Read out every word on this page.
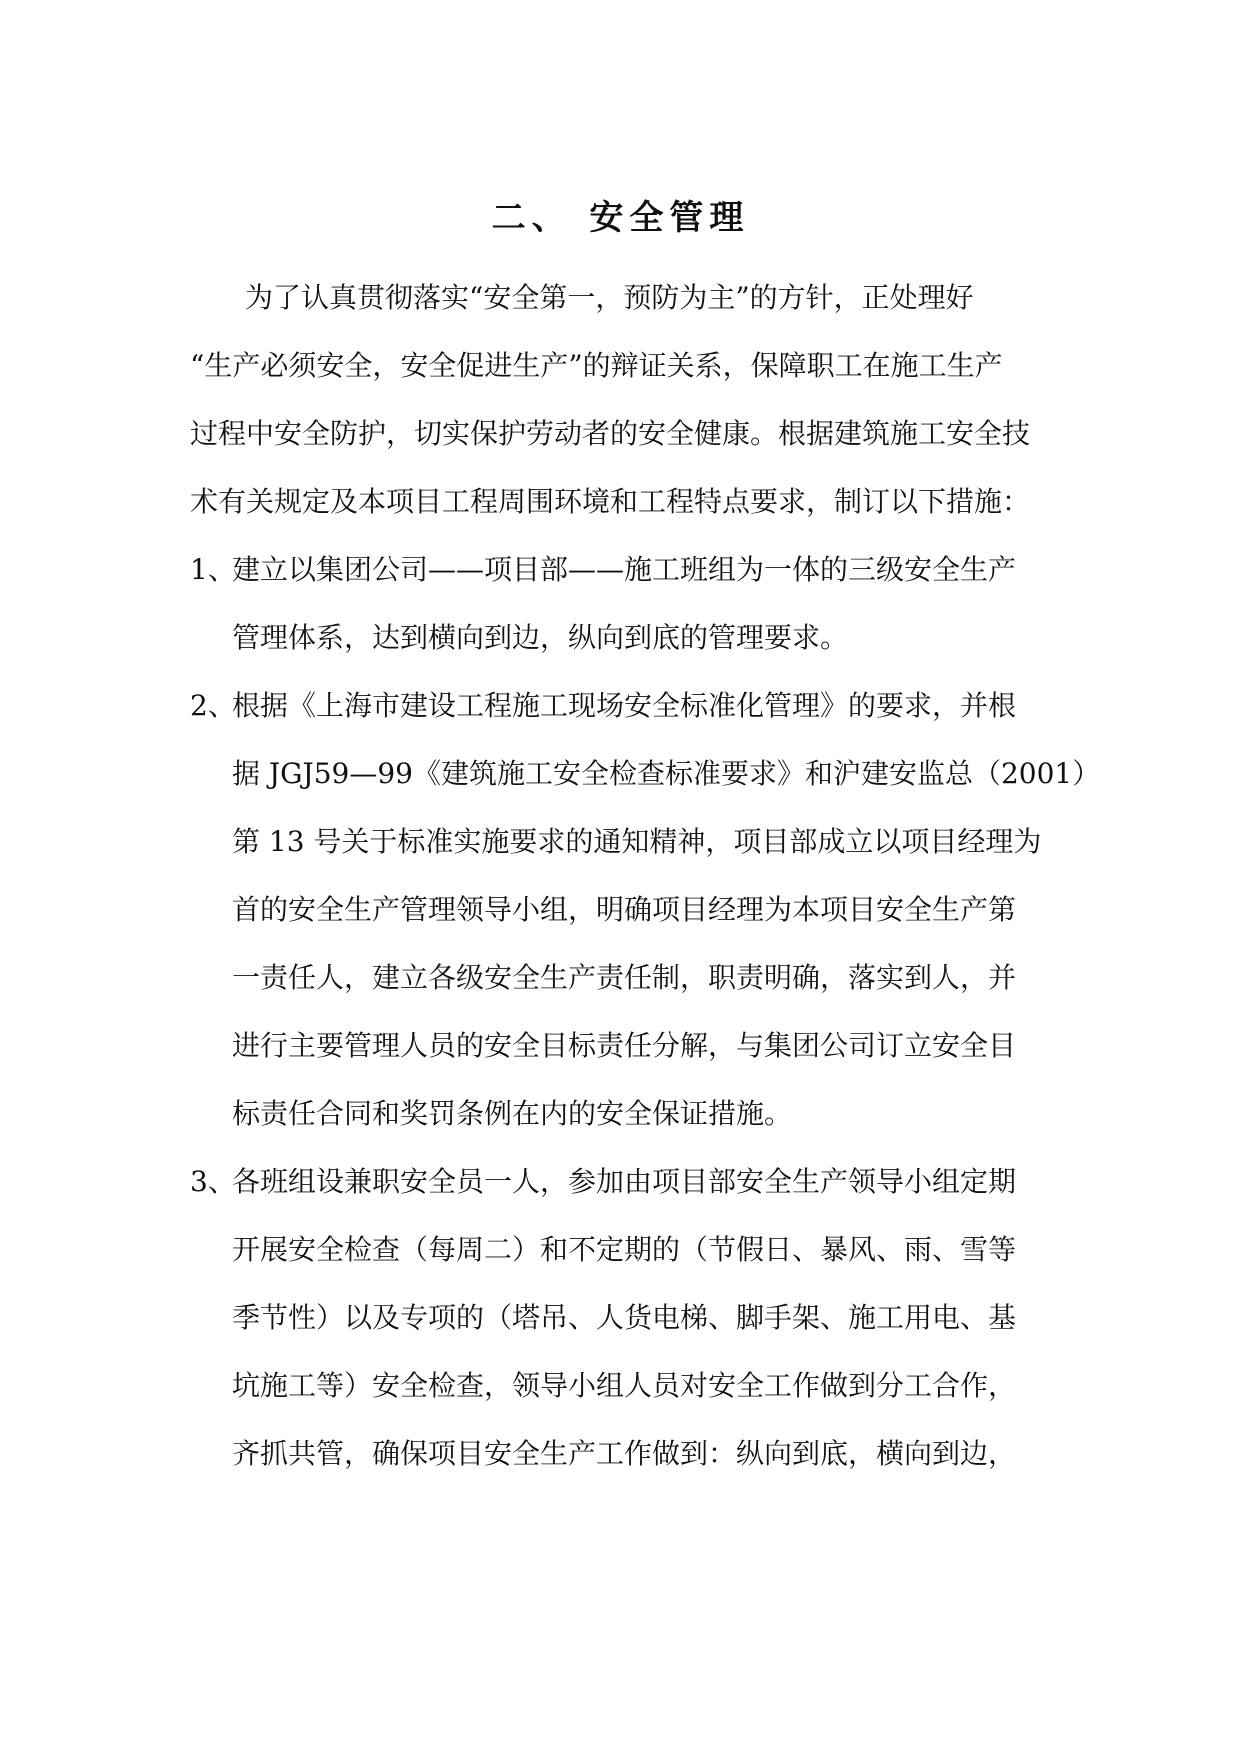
二、 安全管理
为了认真贯彻落实“安全第一，预防为主”的方针，正处理好
“生产必须安全，安全促进生产”的辩证关系，保障职工在施工生产
过程中安全防护，切实保护劳动者的安全健康。根据建筑施工安全技
术有关规定及本项目工程周围环境和工程特点要求，制订以下措施：
1、
建立以集团公司——项目部——施工班组为一体的三级安全生产
管理体系，达到横向到边，纵向到底的管理要求。
2、
根据《上海市建设工程施工现场安全标准化管理》的要求，并根
据 JGJ59—99《建筑施工安全检查标准要求》和沪建安监总（2001）
第 13 号关于标准实施要求的通知精神，项目部成立以项目经理为
首的安全生产管理领导小组，明确项目经理为本项目安全生产第
一责任人，建立各级安全生产责任制，职责明确，落实到人，并
进行主要管理人员的安全目标责任分解，与集团公司订立安全目
标责任合同和奖罚条例在内的安全保证措施。
3、
各班组设兼职安全员一人，参加由项目部安全生产领导小组定期
开展安全检查（每周二）和不定期的（节假日、暴风、雨、雪等
季节性）以及专项的（塔吊、人货电梯、脚手架、施工用电、基
坑施工等）安全检查，领导小组人员对安全工作做到分工合作，
齐抓共管，确保项目安全生产工作做到：纵向到底，横向到边，
